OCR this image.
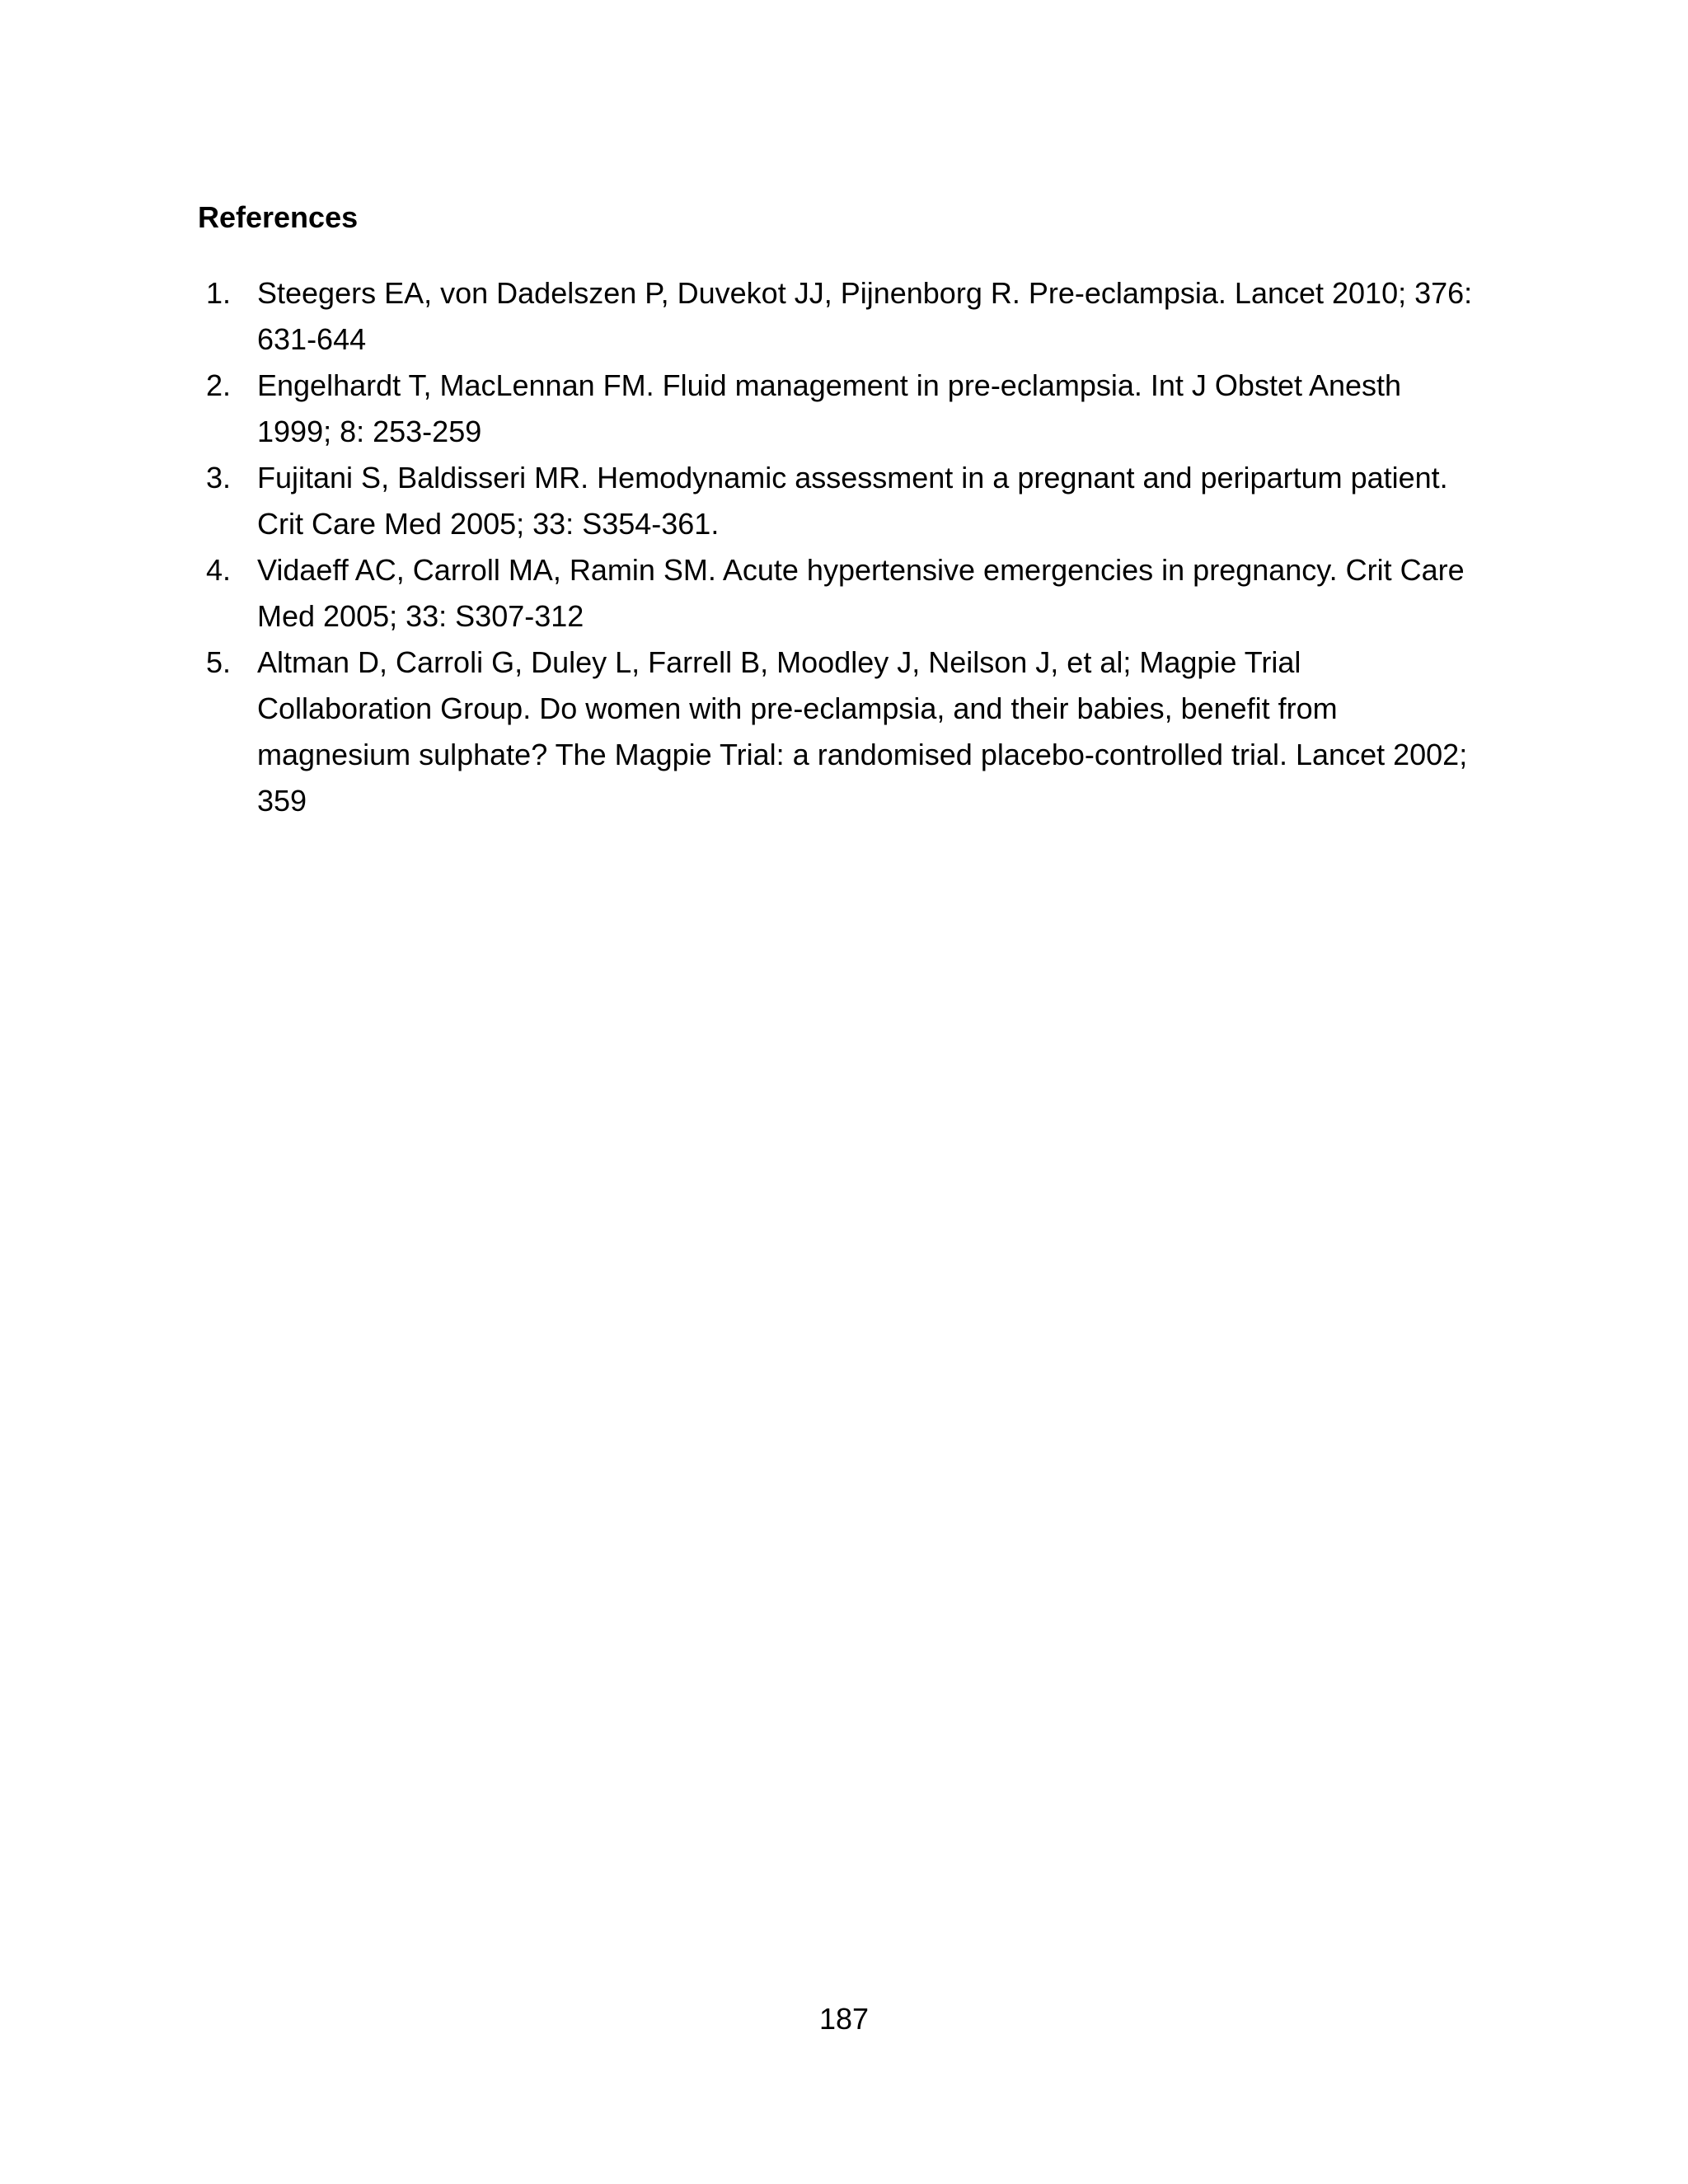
References
1. Steegers EA, von Dadelszen P, Duvekot JJ, Pijnenborg R. Pre-eclampsia. Lancet 2010; 376: 631-644
2. Engelhardt T, MacLennan FM. Fluid management in pre-eclampsia. Int J Obstet Anesth 1999; 8: 253-259
3. Fujitani S, Baldisseri MR. Hemodynamic assessment in a pregnant and peripartum patient. Crit Care Med 2005; 33: S354-361.
4. Vidaeff AC, Carroll MA, Ramin SM. Acute hypertensive emergencies in pregnancy. Crit Care Med 2005; 33: S307-312
5. Altman D, Carroli G, Duley L, Farrell B, Moodley J, Neilson J, et al; Magpie Trial Collaboration Group. Do women with pre-eclampsia, and their babies, benefit from magnesium sulphate? The Magpie Trial: a randomised placebo-controlled trial. Lancet 2002; 359
187
